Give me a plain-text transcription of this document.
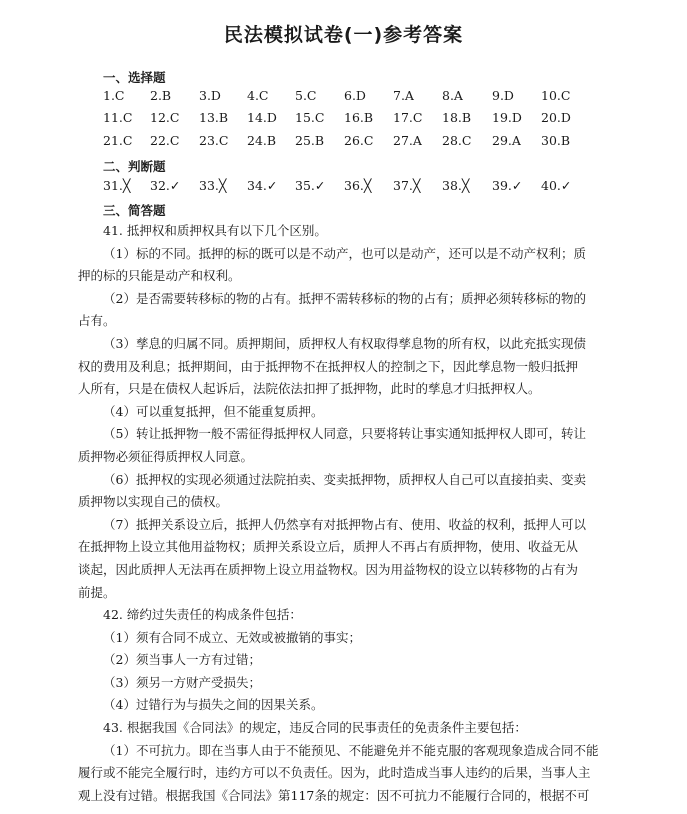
民法模拟试卷(一)参考答案
一、选择题
1.C 2.B 3.D 4.C 5.C 6.D 7.A 8.A 9.D 10.C
11.C 12.C 13.B 14.D 15.C 16.B 17.C 18.B 19.D 20.D
21.C 22.C 23.C 24.B 25.B 26.C 27.A 28.C 29.A 30.B
二、判断题
31.╳ 32.✓ 33.╳ 34.✓ 35.✓ 36.╳ 37.╳ 38.╳ 39.✓ 40.✓
三、简答题
41. 抵押权和质押权具有以下几个区别。
（1）标的不同。抵押的标的既可以是不动产，也可以是动产，还可以是不动产权利；质
押的标的只能是动产和权利。
（2）是否需要转移标的物的占有。抵押不需转移标的物的占有；质押必须转移标的物的
占有。
（3）孳息的归属不同。质押期间，质押权人有权取得孳息物的所有权，以此充抵实现债
权的费用及利息；抵押期间，由于抵押物不在抵押权人的控制之下，因此孳息物一般归抵押
人所有，只是在债权人起诉后，法院依法扣押了抵押物，此时的孳息才归抵押权人。
（4）可以重复抵押，但不能重复质押。
（5）转让抵押物一般不需征得抵押权人同意，只要将转让事实通知抵押权人即可，转让
质押物必须征得质押权人同意。
（6）抵押权的实现必须通过法院拍卖、变卖抵押物，质押权人自己可以直接拍卖、变卖
质押物以实现自己的债权。
（7）抵押关系设立后，抵押人仍然享有对抵押物占有、使用、收益的权利，抵押人可以
在抵押物上设立其他用益物权；质押关系设立后，质押人不再占有质押物，使用、收益无从
谈起，因此质押人无法再在质押物上设立用益物权。因为用益物权的设立以转移物的占有为
前提。
42. 缔约过失责任的构成条件包括：
（1）须有合同不成立、无效或被撤销的事实；
（2）须当事人一方有过错；
（3）须另一方财产受损失；
（4）过错行为与损失之间的因果关系。
43. 根据我国《合同法》的规定，违反合同的民事责任的免责条件主要包括：
（1）不可抗力。即在当事人由于不能预见、不能避免并不能克服的客观现象造成合同不能
履行或不能完全履行时，违约方可以不负责任。因为，此时造成当事人违约的后果，当事人主
观上没有过错。根据我国《合同法》第117条的规定：因不可抗力不能履行合同的，根据不可
